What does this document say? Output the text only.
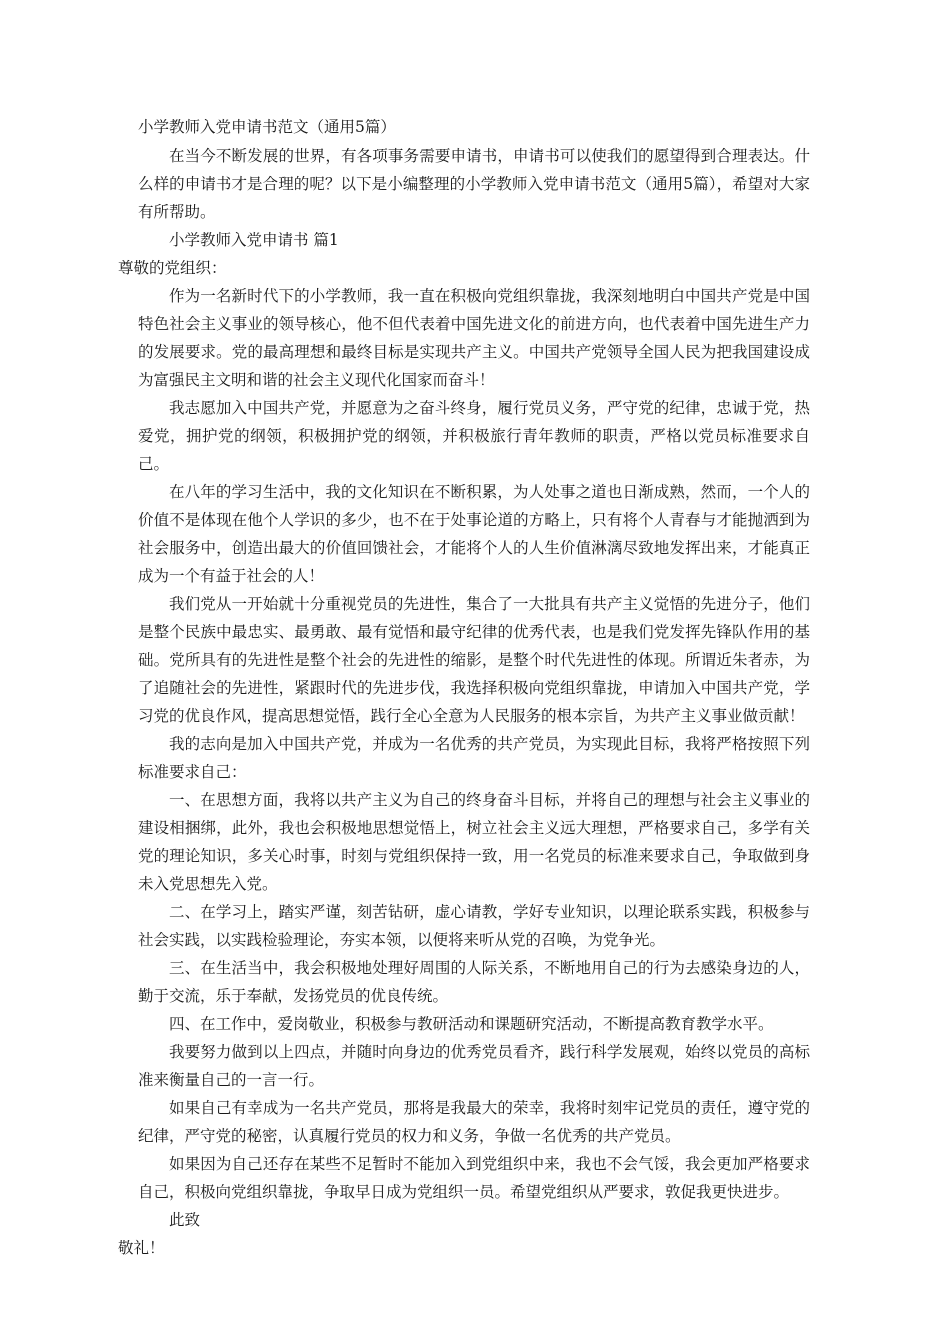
小学教师入党申请书范文（通用5篇）

在当今不断发展的世界，有各项事务需要申请书，申请书可以使我们的愿望得到合理表达。什么样的申请书才是合理的呢？以下是小编整理的小学教师入党申请书范文（通用5篇），希望对大家有所帮助。

小学教师入党申请书 篇1

尊敬的党组织：

作为一名新时代下的小学教师，我一直在积极向党组织靠拢，我深刻地明白中国共产党是中国特色社会主义事业的领导核心，他不但代表着中国先进文化的前进方向，也代表着中国先进生产力的发展要求。党的最高理想和最终目标是实现共产主义。中国共产党领导全国人民为把我国建设成为富强民主文明和谐的社会主义现代化国家而奋斗！

我志愿加入中国共产党，并愿意为之奋斗终身，履行党员义务，严守党的纪律，忠诚于党，热爱党，拥护党的纲领，积极拥护党的纲领，并积极旅行青年教师的职责，严格以党员标准要求自己。

在八年的学习生活中，我的文化知识在不断积累，为人处事之道也日渐成熟，然而，一个人的价值不是体现在他个人学识的多少，也不在于处事论道的方略上，只有将个人青春与才能抛洒到为社会服务中，创造出最大的价值回馈社会，才能将个人的人生价值淋漓尽致地发挥出来，才能真正成为一个有益于社会的人！

我们党从一开始就十分重视党员的先进性，集合了一大批具有共产主义觉悟的先进分子，他们是整个民族中最忠实、最勇敢、最有觉悟和最守纪律的优秀代表，也是我们党发挥先锋队作用的基础。党所具有的先进性是整个社会的先进性的缩影，是整个时代先进性的体现。所谓近朱者赤，为了追随社会的先进性，紧跟时代的先进步伐，我选择积极向党组织靠拢，申请加入中国共产党，学习党的优良作风，提高思想觉悟，践行全心全意为人民服务的根本宗旨，为共产主义事业做贡献！

我的志向是加入中国共产党，并成为一名优秀的共产党员，为实现此目标，我将严格按照下列标准要求自己：

一、在思想方面，我将以共产主义为自己的终身奋斗目标，并将自己的理想与社会主义事业的建设相捆绑，此外，我也会积极地思想觉悟上，树立社会主义远大理想，严格要求自己，多学有关党的理论知识，多关心时事，时刻与党组织保持一致，用一名党员的标准来要求自己，争取做到身未入党思想先入党。

二、在学习上，踏实严谨，刻苦钻研，虚心请教，学好专业知识，以理论联系实践，积极参与社会实践，以实践检验理论，夯实本领，以便将来听从党的召唤，为党争光。

三、在生活当中，我会积极地处理好周围的人际关系，不断地用自己的行为去感染身边的人，勤于交流，乐于奉献，发扬党员的优良传统。

四、在工作中，爱岗敬业，积极参与教研活动和课题研究活动，不断提高教育教学水平。

我要努力做到以上四点，并随时向身边的优秀党员看齐，践行科学发展观，始终以党员的高标准来衡量自己的一言一行。

如果自己有幸成为一名共产党员，那将是我最大的荣幸，我将时刻牢记党员的责任，遵守党的纪律，严守党的秘密，认真履行党员的权力和义务，争做一名优秀的共产党员。

如果因为自己还存在某些不足暂时不能加入到党组织中来，我也不会气馁，我会更加严格要求自己，积极向党组织靠拢，争取早日成为党组织一员。希望党组织从严要求，敦促我更快进步。

此致

敬礼！
